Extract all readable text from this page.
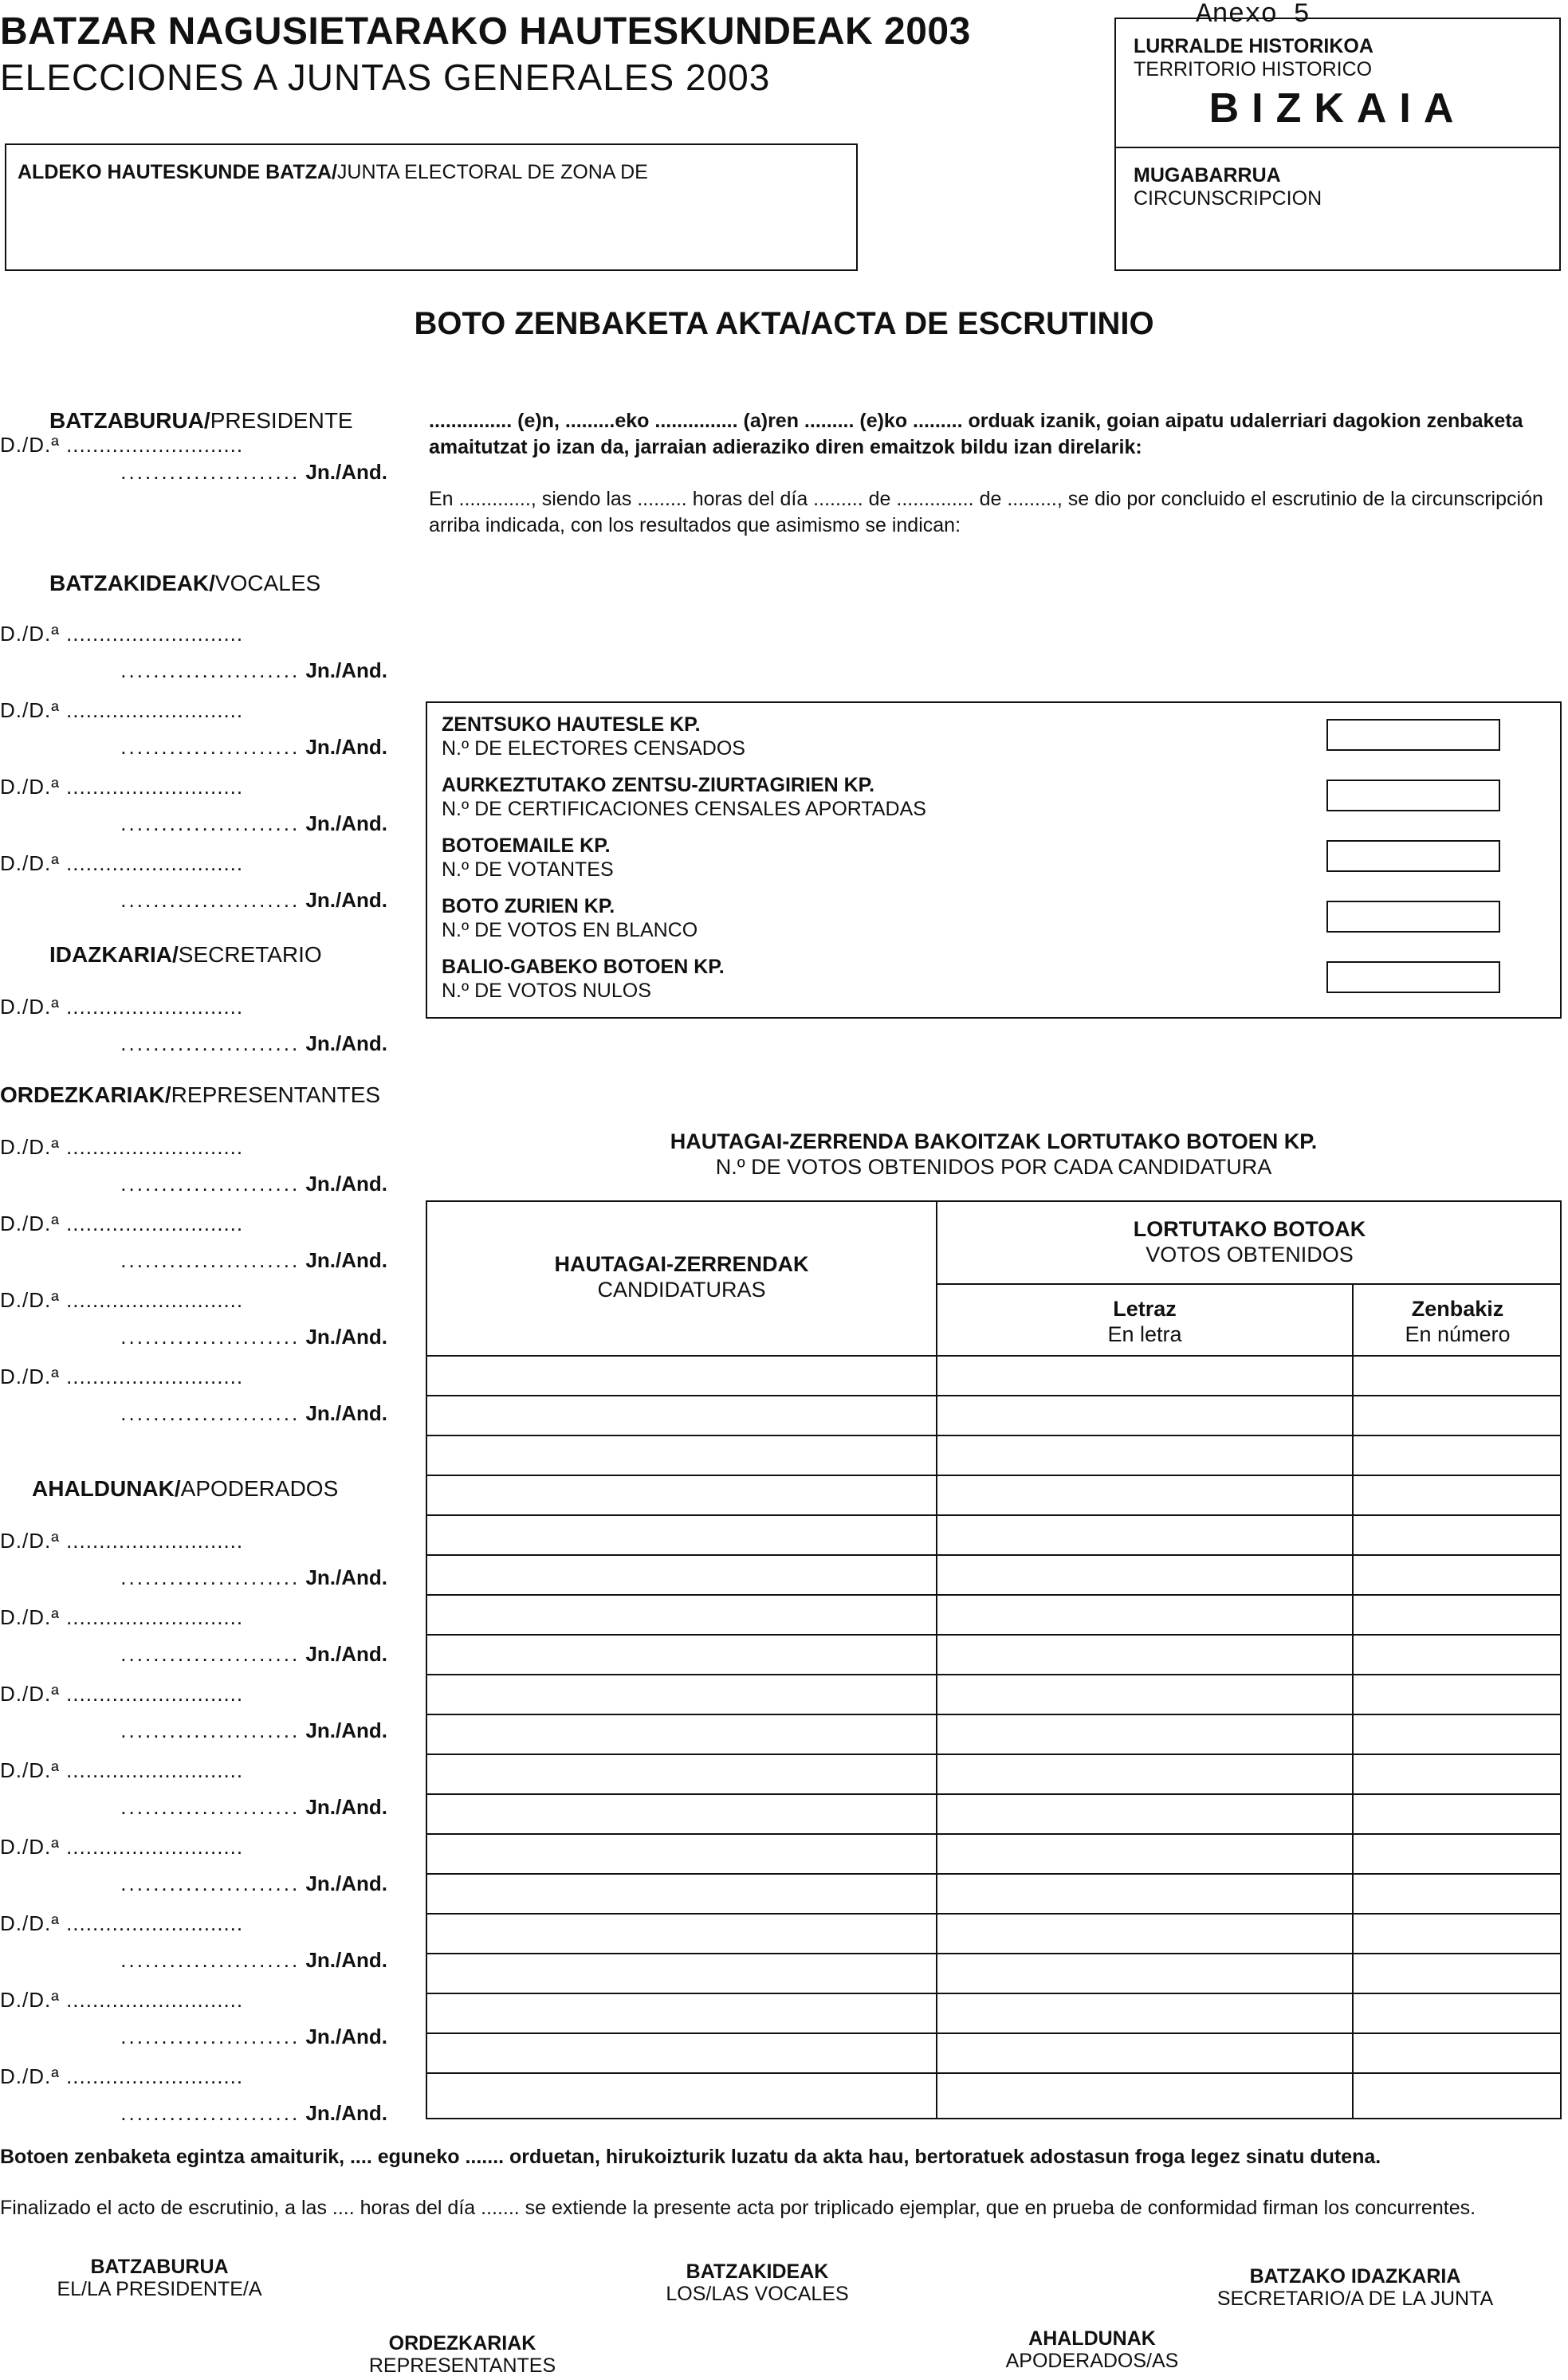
BATZAR NAGUSIETARAKO HAUTESKUNDEAK 2003
ELECCIONES A JUNTAS GENERALES 2003
Anexo 5
ALDEKO HAUTESKUNDE BATZA/JUNTA ELECTORAL DE ZONA DE
LURRALDE HISTORIKOA
TERRITORIO HISTORICO
BIZKAIA
MUGABARRUA
CIRCUNSCRIPCION
BOTO ZENBAKETA AKTA/ACTA DE ESCRUTINIO
BATZABURUA/PRESIDENTE
D./D.ª ...........................
...................... Jn./And.
BATZAKIDEAK/VOCALES
D./D.ª ...........................
...................... Jn./And.
D./D.ª ...........................
...................... Jn./And.
D./D.ª ...........................
...................... Jn./And.
D./D.ª ...........................
...................... Jn./And.
IDAZKARIA/SECRETARIO
D./D.ª ...........................
...................... Jn./And.
ORDEZKARIAK/REPRESENTANTES
D./D.ª ...........................
...................... Jn./And.
D./D.ª ...........................
...................... Jn./And.
D./D.ª ...........................
...................... Jn./And.
D./D.ª ...........................
...................... Jn./And.
AHALDUNAK/APODERADOS
D./D.ª ...........................
...................... Jn./And.
D./D.ª ...........................
...................... Jn./And.
D./D.ª ...........................
...................... Jn./And.
D./D.ª ...........................
...................... Jn./And.
D./D.ª ...........................
...................... Jn./And.
D./D.ª ...........................
...................... Jn./And.
D./D.ª ...........................
...................... Jn./And.
D./D.ª ...........................
...................... Jn./And.
............... (e)n, .........eko ............... (a)ren ......... (e)ko ......... orduak izanik, goian aipatu udalerriari dagokion zenbaketa amaitutzat jo izan da, jarraian adieraziko diren emaitzok bildu izan direlarik:
En ............., siendo las ......... horas del día ......... de .............. de ........., se dio por concluido el escrutinio de la circunscripción arriba indicada, con los resultados que asimismo se indican:
ZENTSUKO HAUTESLE KP.
N.º DE ELECTORES CENSADOS
AURKEZTUTAKO ZENTSU-ZIURTAGIRIEN KP.
N.º DE CERTIFICACIONES CENSALES APORTADAS
BOTOEMAILE KP.
N.º DE VOTANTES
BOTO ZURIEN KP.
N.º DE VOTOS EN BLANCO
BALIO-GABEKO BOTOEN KP.
N.º DE VOTOS NULOS
HAUTAGAI-ZERRENDA BAKOITZAK LORTUTAKO BOTOEN KP.
N.º DE VOTOS OBTENIDOS POR CADA CANDIDATURA
HAUTAGAI-ZERRENDAK
CANDIDATURAS
LORTUTAKO BOTOAK
VOTOS OBTENIDOS
Letraz
En letra
Zenbakiz
En número
Botoen zenbaketa egintza amaiturik, .... eguneko ....... orduetan, hirukoizturik luzatu da akta hau, bertoratuek adostasun froga legez sinatu dutena.
Finalizado el acto de escrutinio, a las .... horas del día ....... se extiende la presente acta por triplicado ejemplar, que en prueba de conformidad firman los concurrentes.
BATZABURUA
EL/LA PRESIDENTE/A
BATZAKIDEAK
LOS/LAS VOCALES
BATZAKO IDAZKARIA
SECRETARIO/A DE LA JUNTA
ORDEZKARIAK
REPRESENTANTES
AHALDUNAK
APODERADOS/AS
